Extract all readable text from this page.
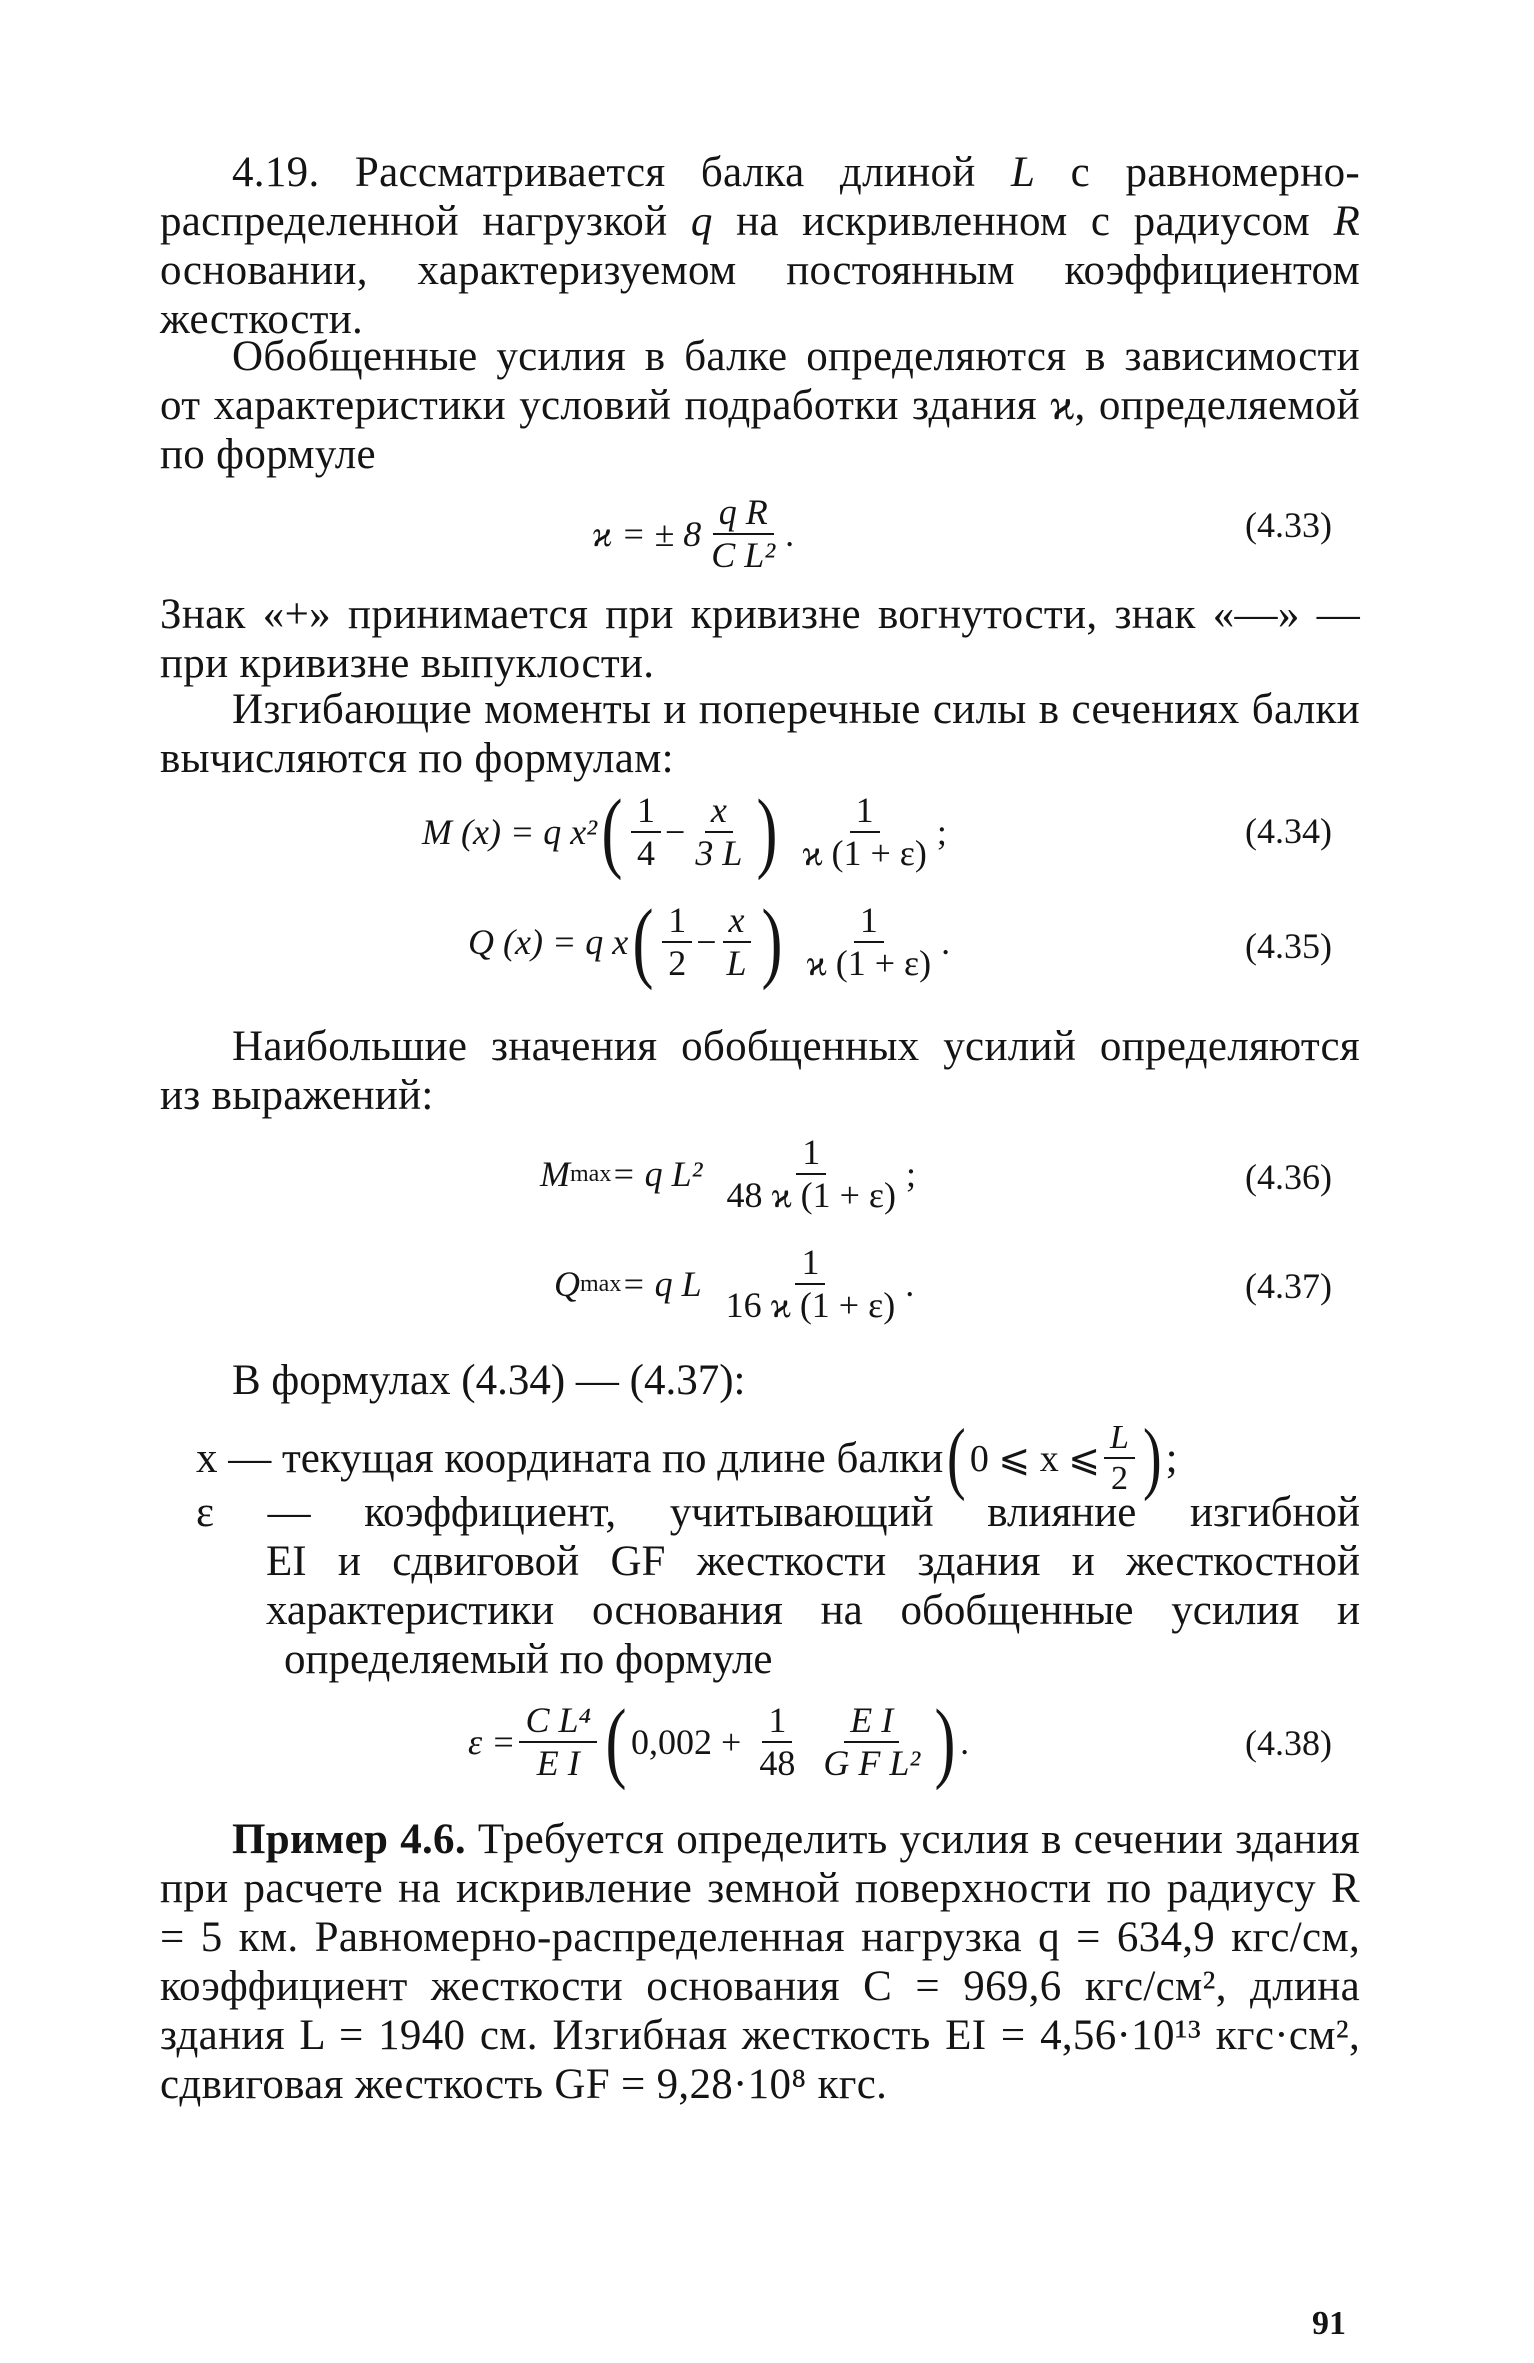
4.19. Рассматривается балка длиной L с равномерно-распределенной нагрузкой q на искривленном с радиусом R основании, характеризуемом постоянным коэффициентом жесткости.
Обобщенные усилия в балке определяются в зависимости от характеристики условий подработки здания ϰ, определяемой по формуле
ϰ = ± $8 \frac{\text{q R}}{\text{C L²}}$ .	(4.33)
Знак «+» принимается при кривизне вогнутости, знак «—» — при кривизне выпуклости.
Изгибающие моменты и поперечные силы в сечениях балки вычисляются по формулам:
M (x) = q x² ( $\frac{1}{4} - \frac{x}{3 L}$ ) $\frac{1}{ϰ (1 + \varepsilon)}$ ;	(4.34)
Q (x) = q x ( $\frac{1}{2} - \frac{x}{L}$ ) $\frac{1}{ϰ (1 + \varepsilon)}$ .	(4.35)
Наибольшие значения обобщенных усилий определяются из выражений:
M max = q $L^2 \frac{1}{48 ϰ (1 + \varepsilon)}$ ;	(4.36)
Q max = q L $\frac{1}{16 ϰ (1 + \varepsilon)}$ .	(4.37)
В формулах (4.34) — (4.37):
x — текущая координата по длине балки ( 0 ⩽ x ⩽ $\frac{L}{2}$ ) ;
ε — коэффициент, учитывающий влияние изгибной
EI и сдвиговой GF жесткости здания и жесткостной
характеристики основания на обобщенные усилия и
определяемый по формуле
$\varepsilon = \frac{\text{C L⁴}}{\text{E I}}$ ( $0,002 + \frac{1}{48} \frac{\text{E I}}{\text{G F L²}}$ ) .	(4.38)
Пример 4.6. Требуется определить усилия в сечении здания при расчете на искривление земной поверхности по радиусу R = 5 км. Равномерно-распределенная нагрузка q = 634,9 кгс/см, коэффициент жесткости основания C = 969,6 кгс/см², длина здания L = 1940 см. Изгибная жесткость EI = 4,56·10¹³ кгс·см², сдвиговая жесткость GF = 9,28·10⁸ кгс.
91
